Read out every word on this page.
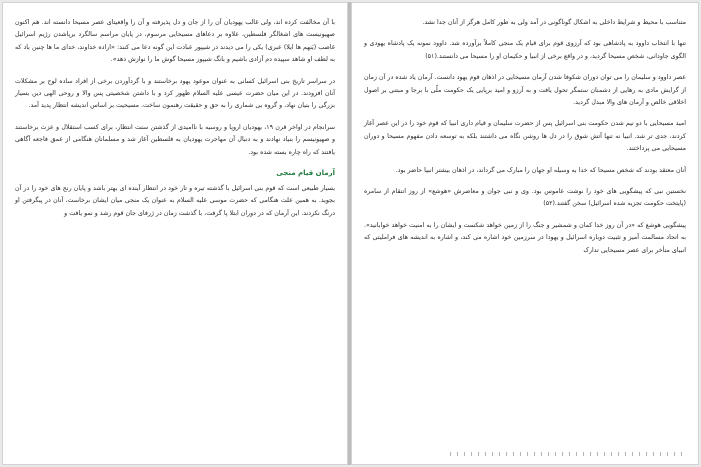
با آن مخالفت کرده اند، ولی غالب یهودیان آن را از جان و دل پذیرفته و آن را واقعیتای عصر مسیحا دانسته اند. هم اکنون صهیونیست های اشغالگر فلسطین، علاوه بر دعاهای مسیحایی مرسوم، در پایان مراسم سالگرد برپاشدن رژیم اسرائیل غاصب (یَنهم ها ایلا) عبری) یکی را می دیدند در شیپور عبادت این گونه دعا می کنند: «اراده خداوند، خدای ما ها چنین باد که به لطف او شاهد سپیده دم آزادی باشیم و بانگ شیپور مسیحا گوش ما را نوازش دهد».

در سراسر تاریخ بنی اسرائیل کسانی به عنوان موعود یهود برخاستند و با گردآوردن برخی از افراد ساده لوح بر مشکلات آنان افزودند. در این میان حضرت عیسی علیه السلام ظهور کرد و با داشتن شخصیتی پس والا و روحی الهی دین بسیار بزرگی را بنیان نهاد، و گروه بی شماری را به حق و حقیقت رهنمون ساخت. مسیحیت بر اساس اندیشه انتظار پدید آمد.

سرانجام در اواخر قرن ۱۹، یهودیان اروپا و روسیه با ناامیدی از گذشتن سنت انتظار، برای کسب استقلال و عزت برخاستند و صهیونیسم را بنیاد نهادند و به دنبال آن مهاجرت یهودیان به فلسطین آغاز شد و مسلمانان هنگامی از عمق فاجعه آگاهی یافتند که راه چاره بسته شده بود.

آرمان قیام منجی

بسیار طبیعی است که قوم بنی اسرائیل با گذشته تیره و تار خود در انتظار آینده ای بهتر باشد و پایان رنج های خود را در آن بجوید. به همین علت هنگامی که حضرت موسی علیه السلام به عنوان یک منجی میان ایشان برخاست، آنان در پیگرفتن او درنگ نکردند. این آرمان که در دوران ابتلا پا گرفت، با گذشت زمان در ژرفای جان قوم رشد و نمو یافت و

متناسب با محیط و شرایط داخلی به اشکال گوناگونی در آمد ولی به طور کامل هرگز از آنان جدا نشد.

تنها با انتخاب داوود به پادشاهی بود که آرزوی قوم برای قیام یک منجی کاملاً برآورده شد. داوود نمونه یک پادشاه یهودی و الگوی جاودانی، شخص مسیحا گردید، و در واقع برخی از انبیا و حکیمان او را مسیحا می دانستند.(۵۱)

عصر داوود و سلیمان را می توان دوران شکوفا شدن آرمان مسیحایی در اذهان قوم یهود دانست. آرمان یاد شده در آن زمان از گرایش مادی به رهایی از دشمنان ستمگر تحول یافت و به آرزو و امید برپایی یک حکومت ملّی با برجا و مبتنی بر اصول اخلاقی خالص و آرمان های والا مبدل گردید.

امید مسیحایی با دو نیم شدن حکومت بنی اسرائیل پس از حضرت سلیمان و قیام داری انبیا که قوم خود را در این عصر آغاز کردند، جدی تر شد. انبیا نه تنها آتش شوق را در دل ها روشن نگاه می داشتند بلکه به توسعه دادن مفهوم مسیحا و دوران مسیحایی می پرداختند.

آنان معتقد بودند که شخص مسیحا که خدا به وسیله او جهان را مبارک می گرداند، در اذهان بیشتر انبیا حاضر بود.

نخستین نبی که پیشگویی های خود را نوشت عاموس بود. وی و نبی جوان و معاصرش «هوشع» از روز انتقام از سامره (پایتخت حکومت تجزیه شده اسرائیل) سخن گفتند.(۵۲)

پیشگویی هوشع که «در آن روز خدا کمان و شمشیر و جنگ را از زمین خواهد شکست و ایشان را به امنیت خواهد خوابانید». به اتحاد مسالمت آمیز و تثبیت دوباره اسرائیل و یهودا در سرزمین خود اشاره می کند، و اشاره به اندیشه های فراملیتی که انبیای متأخر برای عصر مسیحایی تدارک
